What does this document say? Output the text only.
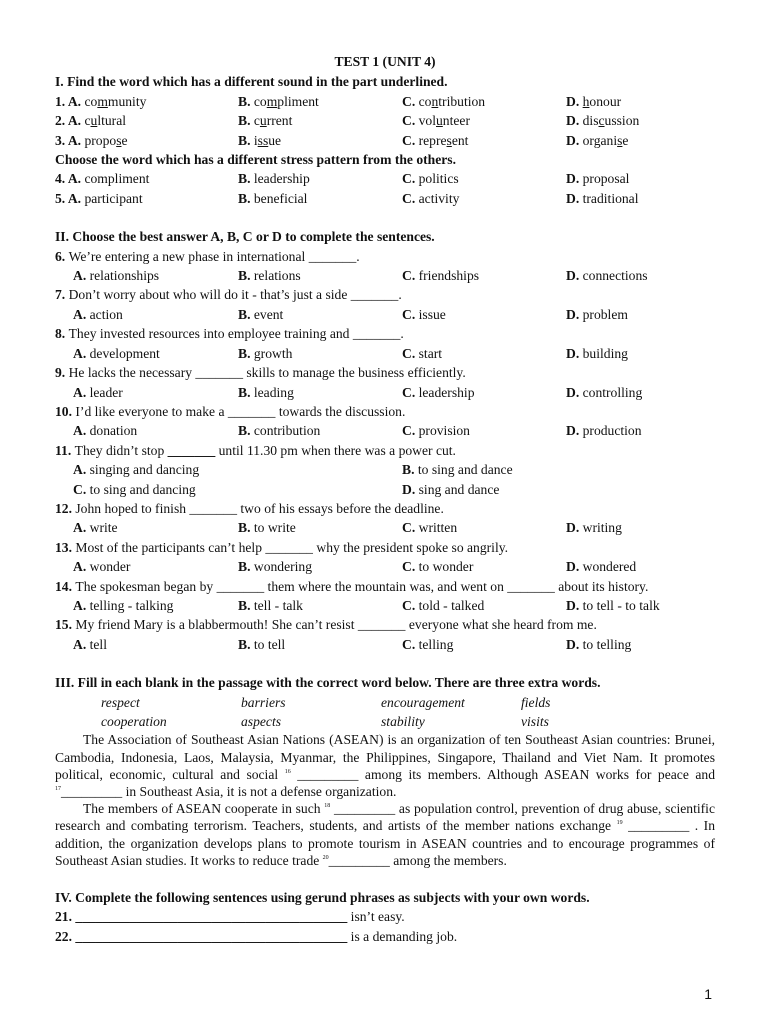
TEST 1 (UNIT 4)
I. Find the word which has a different sound in the part underlined.
1. A. community	B. compliment	C. contribution	D. honour
2. A. cultural	B. current	C. volunteer	D. discussion
3. A. propose	B. issue	C. represent	D. organise
Choose the word which has a different stress pattern from the others.
4. A. compliment	B. leadership	C. politics	D. proposal
5. A. participant	B. beneficial	C. activity	D. traditional
II. Choose the best answer A, B, C or D to complete the sentences.
6. We’re entering a new phase in international _______.
A. relationships	B. relations	C. friendships	D. connections
7. Don’t worry about who will do it - that’s just a side _______.
A. action	B. event	C. issue	D. problem
8. They invested resources into employee training and _______.
A. development	B. growth	C. start	D. building
9. He lacks the necessary _______ skills to manage the business efficiently.
A. leader	B. leading	C. leadership	D. controlling
10. I’d like everyone to make a _______ towards the discussion.
A. donation	B. contribution	C. provision	D. production
11. They didn’t stop _______ until 11.30 pm when there was a power cut.
A. singing and dancing	B. to sing and dance
C. to sing and dancing	D. sing and dance
12. John hoped to finish _______ two of his essays before the deadline.
A. write	B. to write	C. written	D. writing
13. Most of the participants can’t help _______ why the president spoke so angrily.
A. wonder	B. wondering	C. to wonder	D. wondered
14. The spokesman began by _______ them where the mountain was, and went on _______ about its history.
A. telling - talking	B. tell - talk	C. told - talked	D. to tell - to talk
15. My friend Mary is a blabbermouth! She can’t resist _______ everyone what she heard from me.
A. tell	B. to tell	C. telling	D. to telling
III. Fill in each blank in the passage with the correct word below. There are three extra words.
respect	barriers	encouragement	fields
cooperation	aspects	stability	visits

The Association of Southeast Asian Nations (ASEAN) is an organization of ten Southeast Asian countries: Brunei, Cambodia, Indonesia, Laos, Malaysia, Myanmar, the Philippines, Singapore, Thailand and Viet Nam. It promotes political, economic, cultural and social $^{16}$ _________ among its members. Although ASEAN works for peace and $^{17}$_________ in Southeast Asia, it is not a defense organization.

The members of ASEAN cooperate in such $^{18}$ _________ as population control, prevention of drug abuse, scientific research and combating terrorism. Teachers, students, and artists of the member nations exchange $^{19}$ _________ . In addition, the organization develops plans to promote tourism in ASEAN countries and to encourage programmes of Southeast Asian studies. It works to reduce trade $^{20}$_________ among the members.

IV. Complete the following sentences using gerund phrases as subjects with your own words.
21. ________________________________________ isn’t easy.
22. ________________________________________ is a demanding job.
1
